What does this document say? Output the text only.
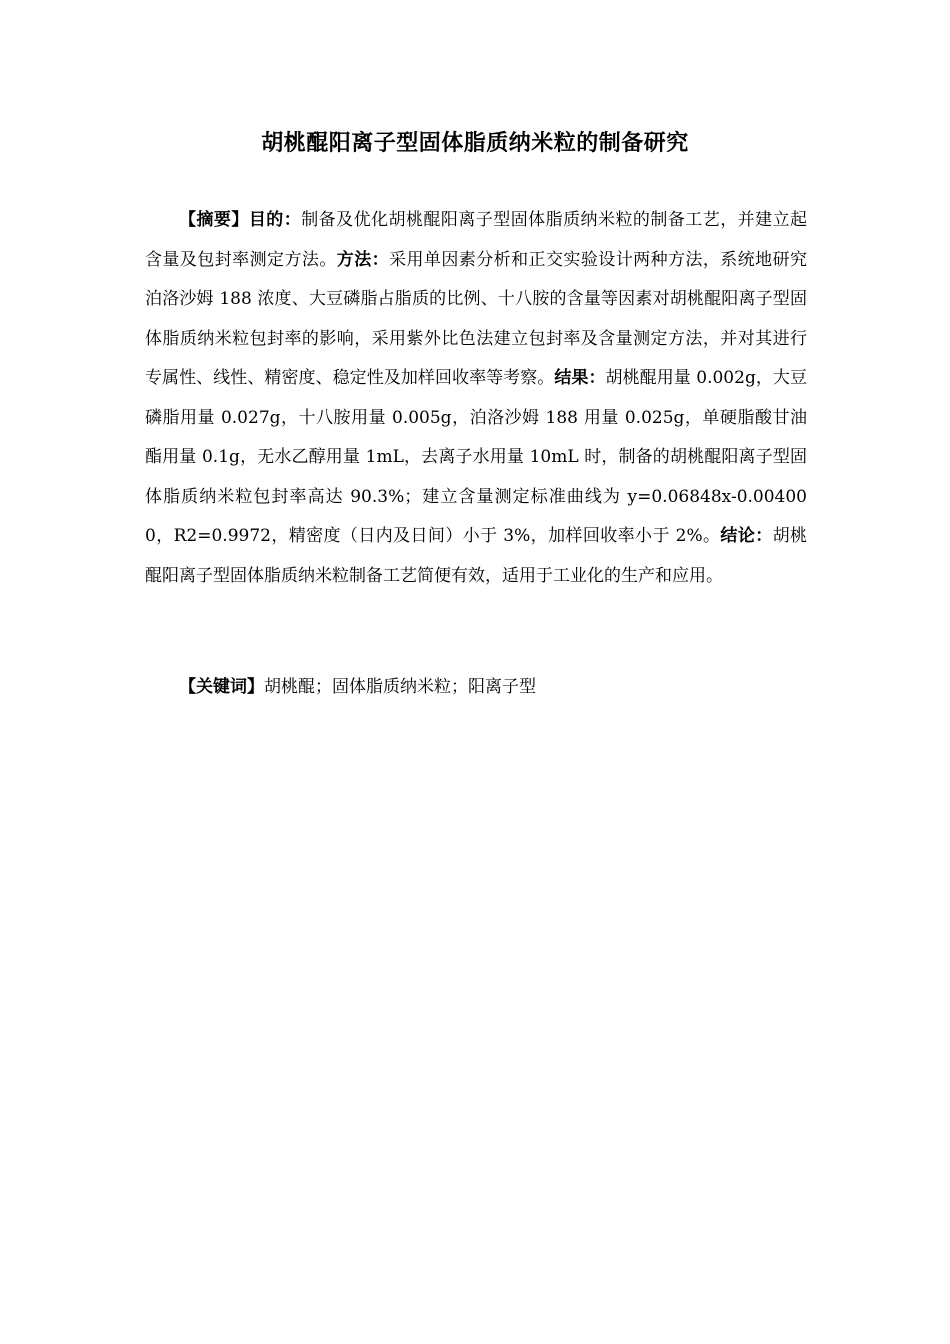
胡桃醌阳离子型固体脂质纳米粒的制备研究

【摘要】目的：制备及优化胡桃醌阳离子型固体脂质纳米粒的制备工艺，并建立起含量及包封率测定方法。方法：采用单因素分析和正交实验设计两种方法，系统地研究泊洛沙姆 188 浓度、大豆磷脂占脂质的比例、十八胺的含量等因素对胡桃醌阳离子型固体脂质纳米粒包封率的影响，采用紫外比色法建立包封率及含量测定方法，并对其进行专属性、线性、精密度、稳定性及加样回收率等考察。结果：胡桃醌用量 0.002g，大豆磷脂用量 0.027g，十八胺用量 0.005g，泊洛沙姆 188 用量 0.025g，单硬脂酸甘油酯用量 0.1g，无水乙醇用量 1mL，去离子水用量 10mL 时，制备的胡桃醌阳离子型固体脂质纳米粒包封率高达 90.3%；建立含量测定标准曲线为 y=0.06848x-0.004000，R2=0.9972，精密度（日内及日间）小于 3%，加样回收率小于 2%。结论：胡桃醌阳离子型固体脂质纳米粒制备工艺简便有效，适用于工业化的生产和应用。

【关键词】胡桃醌；固体脂质纳米粒；阳离子型
